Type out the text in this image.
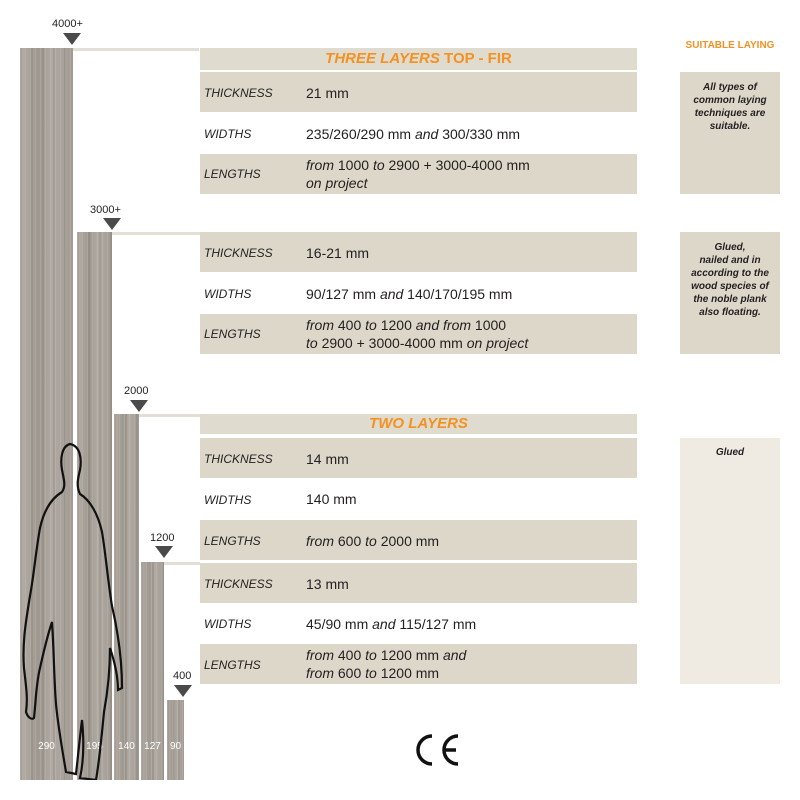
290	195	140 127 90
4000+
3000+
2000
1200
400
THREE LAYERS TOP - FIR
THICKNESS 21 mm
WIDTHS	235/260/290 mm and 300/330 mm
LENGTHS
from 1000 to 2900 + 3000-4000 mm
on project
THICKNESS 16-21 mm
WIDTHS	90/127 mm and 140/170/195 mm
LENGTHS
from 400 to 1200 and from 1000
to 2900 + 3000-4000 mm on project
TWO LAYERS
THICKNESS 14 mm
WIDTHS	140 mm
LENGTHS	from 600 to 2000 mm
THICKNESS 13 mm
WIDTHS	45/90 mm and 115/127 mm
LENGTHS
from 400 to 1200 mm and
from 600 to 1200 mm
SUITABLE LAYING
All types of
common laying
techniques are
suitable.
Glued,
nailed and in
according to the
wood species of
the noble plank
also floating.
Glued
